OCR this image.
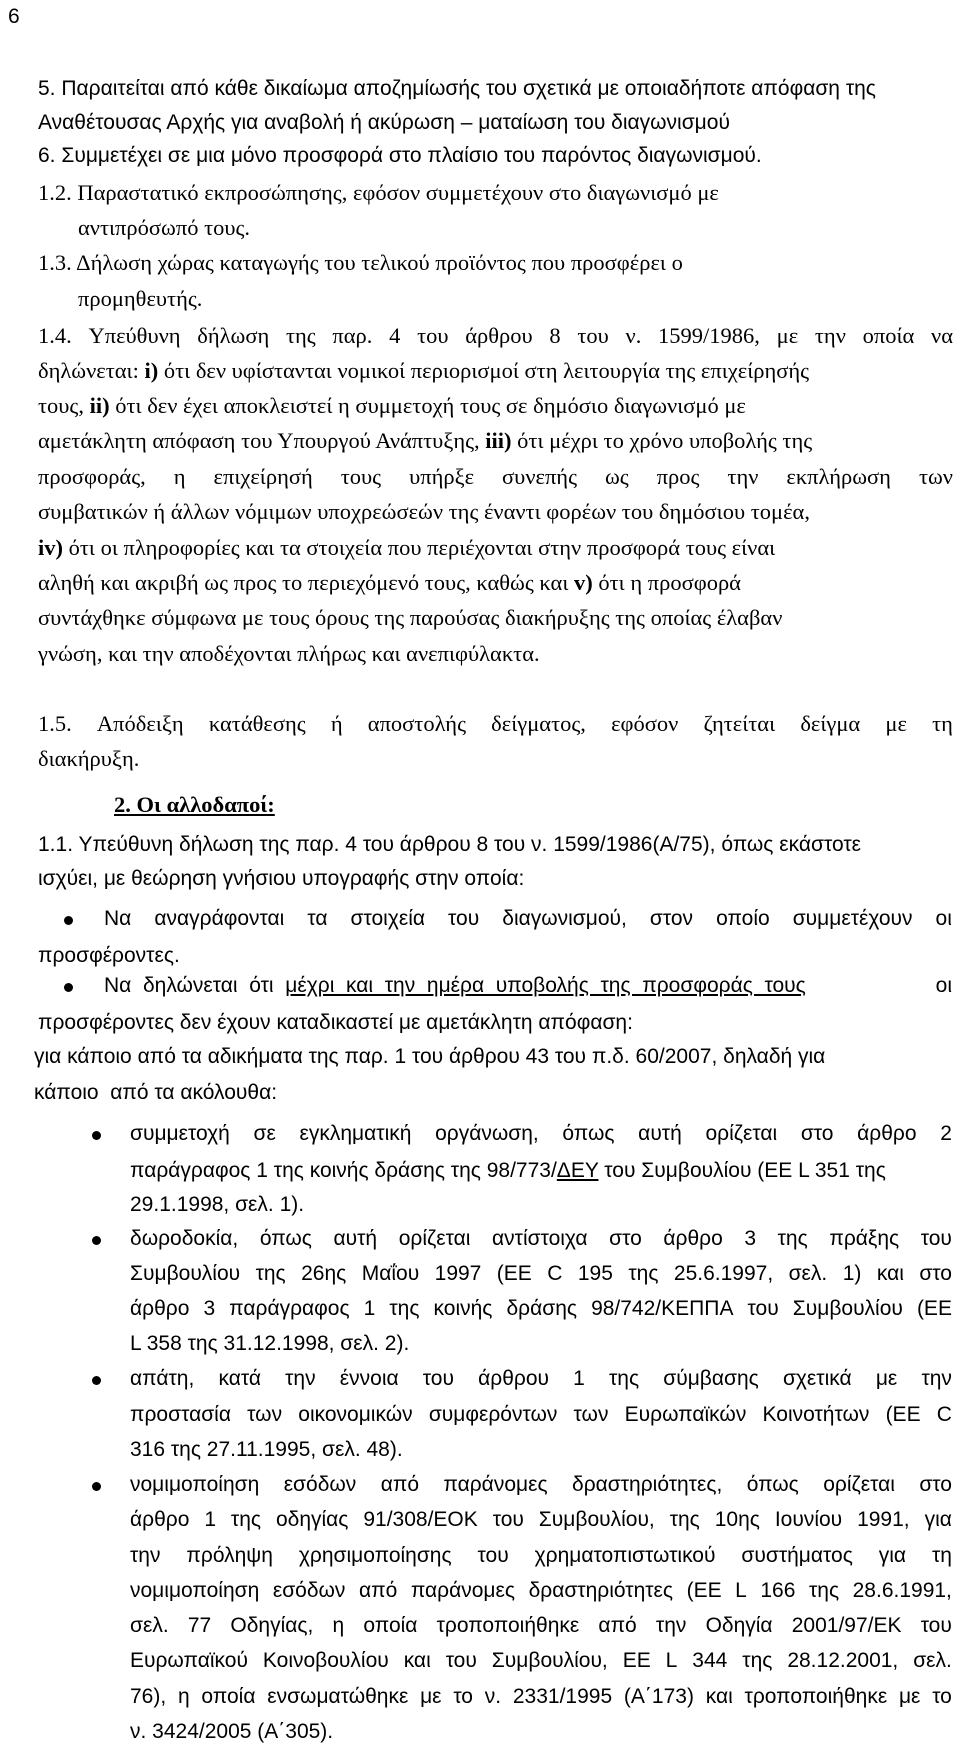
6
5. Παραιτείται από κάθε δικαίωμα αποζημίωσής του σχετικά με οποιαδήποτε απόφαση της
Αναθέτουσας Αρχής για αναβολή ή ακύρωση – ματαίωση του διαγωνισμού
6. Συμμετέχει σε μια μόνο προσφορά στο πλαίσιο του παρόντος διαγωνισμού.
1.2. Παραστατικό εκπροσώπησης, εφόσον συμμετέχουν στο διαγωνισμό με
αντιπρόσωπό τους.
1.3. Δήλωση χώρας καταγωγής του τελικού προϊόντος που προσφέρει ο
προμηθευτής.
1.4. Υπεύθυνη δήλωση της παρ. 4 του άρθρου 8 του ν. 1599/1986, με την οποία να
δηλώνεται: i) ότι δεν υφίστανται νομικοί περιορισμοί στη λειτουργία της επιχείρησής
τους, ii) ότι δεν έχει αποκλειστεί η συμμετοχή τους σε δημόσιο διαγωνισμό με
αμετάκλητη απόφαση του Υπουργού Ανάπτυξης, iii) ότι μέχρι το χρόνο υποβολής της
προσφοράς, η επιχείρησή τους υπήρξε συνεπής ως προς την εκπλήρωση των
συμβατικών ή άλλων νόμιμων υποχρεώσεών της έναντι φορέων του δημόσιου τομέα,
iv) ότι οι πληροφορίες και τα στοιχεία που περιέχονται στην προσφορά τους είναι
αληθή και ακριβή ως προς το περιεχόμενό τους, καθώς και v) ότι η προσφορά
συντάχθηκε σύμφωνα με τους όρους της παρούσας διακήρυξης της οποίας έλαβαν
γνώση, και την αποδέχονται πλήρως και ανεπιφύλακτα.
1.5. Απόδειξη κατάθεσης ή αποστολής δείγματος, εφόσον ζητείται δείγμα με τη
διακήρυξη.
2. Οι αλλοδαποί:
1.1. Υπεύθυνη δήλωση της παρ. 4 του άρθρου 8 του ν. 1599/1986(Α/75), όπως εκάστοτε
ισχύει, με θεώρηση γνήσιου υπογραφής στην οποία:
Να αναγράφονται τα στοιχεία του διαγωνισμού, στον οποίο συμμετέχουν οι
προσφέροντες.
Να  δηλώνεται  ότι  μέχρι  και  την  ημέρα  υποβολής  της  προσφοράς  τους	οι
προσφέροντες δεν έχουν καταδικαστεί με αμετάκλητη απόφαση:
για κάποιο από τα αδικήματα της παρ. 1 του άρθρου 43 του π.δ. 60/2007, δηλαδή για
κάποιο  από τα ακόλουθα:
συμμετοχή σε εγκληματική οργάνωση, όπως αυτή ορίζεται στο άρθρο 2
παράγραφος 1 της κοινής δράσης της 98/773/ΔΕΥ του Συμβουλίου (ΕΕ L 351 της
29.1.1998, σελ. 1).
δωροδοκία, όπως αυτή ορίζεται αντίστοιχα στο άρθρο 3 της πράξης του
Συμβουλίου της 26ης Μαΐου 1997 (ΕΕ C 195 της 25.6.1997, σελ. 1) και στο
άρθρο 3 παράγραφος 1 της κοινής δράσης 98/742/ΚΕΠΠΑ του Συμβουλίου (ΕΕ
L 358 της 31.12.1998, σελ. 2).
απάτη, κατά την έννοια του άρθρου 1 της σύμβασης σχετικά με την
προστασία των οικονομικών συμφερόντων των Ευρωπαϊκών Κοινοτήτων (ΕΕ C
316 της 27.11.1995, σελ. 48).
νομιμοποίηση εσόδων από παράνομες δραστηριότητες, όπως ορίζεται στο
άρθρο 1 της οδηγίας 91/308/ΕΟΚ του Συμβουλίου, της 10ης Ιουνίου 1991, για
την πρόληψη χρησιμοποίησης του χρηματοπιστωτικού συστήματος για τη
νομιμοποίηση εσόδων από παράνομες δραστηριότητες (ΕΕ L 166 της 28.6.1991,
σελ. 77 Οδηγίας, η οποία τροποποιήθηκε από την Οδηγία 2001/97/ΕΚ του
Ευρωπαϊκού Κοινοβουλίου και του Συμβουλίου, ΕΕ L 344 της 28.12.2001, σελ.
76), η οποία ενσωματώθηκε με το ν. 2331/1995 (Α΄173) και τροποποιήθηκε με το
ν. 3424/2005 (Α΄305).
